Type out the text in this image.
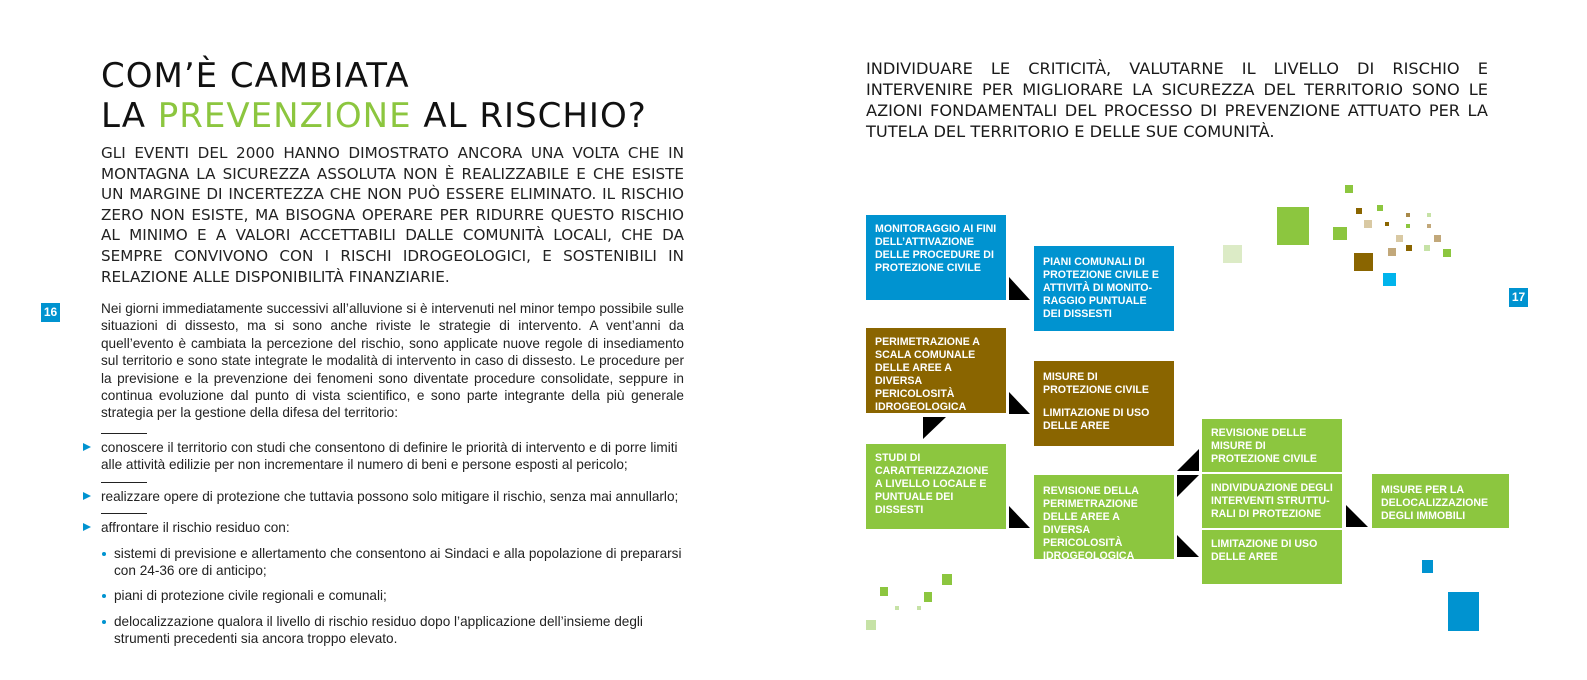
COM’È CAMBIATA
LA PREVENZIONE AL RISCHIO?
GLI EVENTI DEL 2000 HANNO DIMOSTRATO ANCORA UNA VOLTA CHE IN MONTAGNA LA SICUREZZA ASSOLUTA NON È REALIZZABILE E CHE ESISTE UN MARGINE DI INCERTEZZA CHE NON PUÒ ESSERE ELIMINATO. IL RISCHIO ZERO NON ESISTE, MA BISOGNA OPERARE PER RIDURRE QUESTO RISCHIO AL MINIMO E A VALORI ACCETTABILI DALLE COMUNITÀ LOCALI, CHE DA SEMPRE CONVIVONO CON I RISCHI IDROGEOLOGICI, E SOSTENIBILI IN RELAZIONE ALLE DISPONIBILITÀ FINANZIARIE.
16	Nei giorni immediatamente successivi all’alluvione si è intervenuti nel minor tempo possibile sulle situazioni di dissesto, ma si sono anche riviste le strategie di intervento. A vent’anni da quell’evento è cambiata la percezione del rischio, sono applicate nuove regole di insediamento sul territorio e sono state integrate le modalità di intervento in caso di dissesto. Le procedure per la previsione e la prevenzione dei fenomeni sono diventate procedure consolidate, seppure in continua evoluzione dal punto di vista scientifico, e sono parte integrante della più generale strategia per la gestione della difesa del territorio:
conoscere il territorio con studi che consentono di definire le priorità di intervento e di porre limiti alle attività edilizie per non incrementare il numero di beni e persone esposti al pericolo;
realizzare opere di protezione che tuttavia possono solo mitigare il rischio, senza mai annullarlo;
affrontare il rischio residuo con:
sistemi di previsione e allertamento che consentono ai Sindaci e alla popolazione di prepararsi con 24-36 ore di anticipo;
piani di protezione civile regionali e comunali;
delocalizzazione qualora il livello di rischio residuo dopo l’applicazione dell’insieme degli strumenti precedenti sia ancora troppo elevato.
INDIVIDUARE LE CRITICITÀ, VALUTARNE IL LIVELLO DI RISCHIO E INTERVENIRE PER MIGLIORARE LA SICUREZZA DEL TERRITORIO SONO LE AZIONI FONDAMENTALI DEL PROCESSO DI PREVENZIONE ATTUATO PER LA TUTELA DEL TERRITORIO E DELLE SUE COMUNITÀ.
17
MONITORAGGIO AI FINI DELL’ATTIVAZIONE DELLE PROCEDURE DI PROTEZIONE CIVILE	PIANI COMUNALI DI PROTEZIONE CIVILE E ATTIVITÀ DI MONITO-RAGGIO PUNTUALE DEI DISSESTI
PERIMETRAZIONE A SCALA COMUNALE DELLE AREE A DIVERSA PERICOLOSITÀ IDROGEOLOGICA
MISURE DI PROTEZIONE CIVILE
LIMITAZIONE DI USO DELLE AREE
STUDI DI CARATTERIZZAZIONE A LIVELLO LOCALE E PUNTUALE DEI DISSESTI
REVISIONE DELLA PERIMETRAZIONE DELLE AREE A DIVERSA PERICOLOSITÀ IDROGEOLOGICA
REVISIONE DELLE MISURE DI PROTEZIONE CIVILE
INDIVIDUAZIONE DEGLI INTERVENTI STRUTTU-RALI DI PROTEZIONE
LIMITAZIONE DI USO DELLE AREE
MISURE PER LA DELOCALIZZAZIONE DEGLI IMMOBILI
